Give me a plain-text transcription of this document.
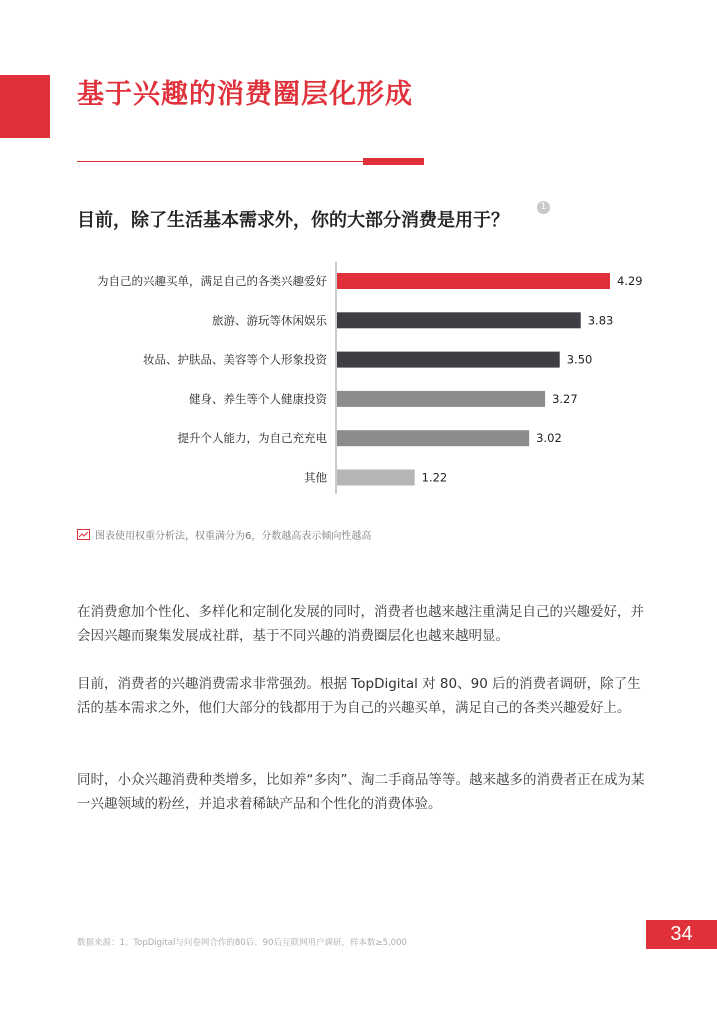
基于兴趣的消费圈层化形成
目前，除了生活基本需求外，你的大部分消费是用于？
1
为自己的兴趣买单，满足自己的各类兴趣爱好	4.29
旅游、游玩等休闲娱乐	3.83
妆品、护肤品、美容等个人形象投资	3.50
健身、养生等个人健康投资	3.27
提升个人能力，为自己充充电	3.02
其他	1.22
图表使用权重分析法，权重满分为6，分数越高表示倾向性越高
在消费愈加个性化、多样化和定制化发展的同时，消费者也越来越注重满足自己的兴趣爱好，并会因兴趣而聚集发展成社群，基于不同兴趣的消费圈层化也越来越明显。
目前，消费者的兴趣消费需求非常强劲。根据 TopDigital 对 80、90 后的消费者调研，除了生活的基本需求之外，他们大部分的钱都用于为自己的兴趣买单，满足自己的各类兴趣爱好上。
同时，小众兴趣消费种类增多，比如养“多肉”、淘二手商品等等。越来越多的消费者正在成为某一兴趣领域的粉丝，并追求着稀缺产品和个性化的消费体验。
数据来源：1、TopDigital与问卷网合作的80后、90后互联网用户调研，样本数≥5,000	34
